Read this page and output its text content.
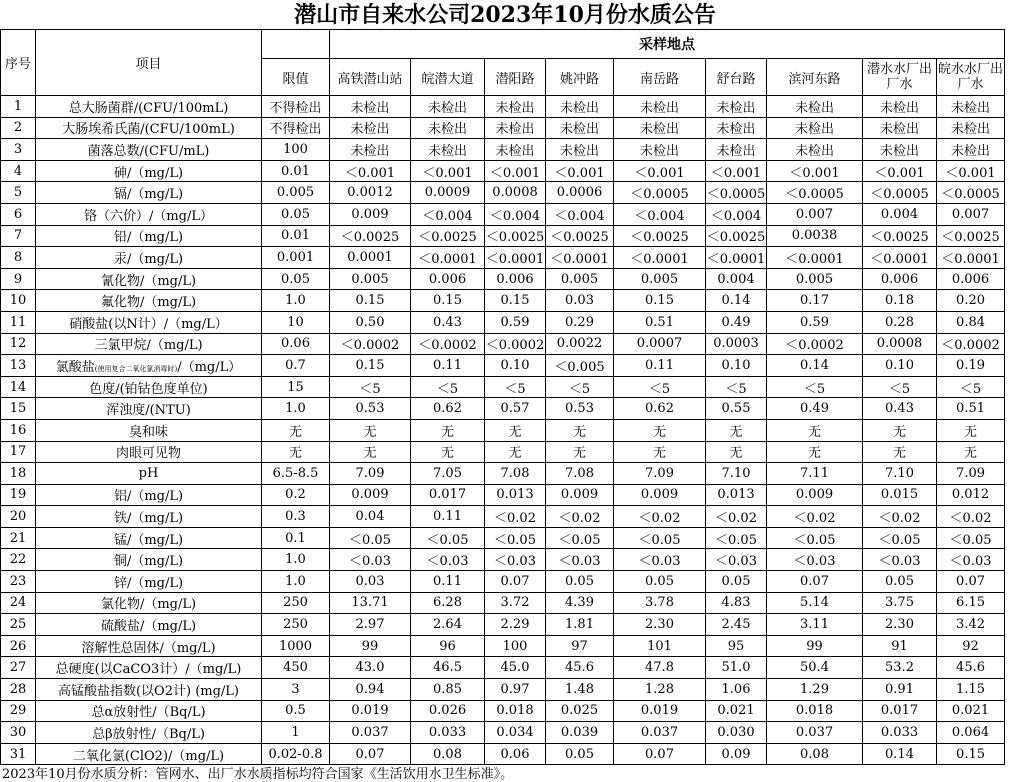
潜山市自来水公司2023年10月份水质公告
序号	项目		采样地点								
		限值	高铁潜山站	皖潜大道	潜阳路	姚冲路	南岳路	舒台路	滨河东路	潜水水厂出厂水	皖水水厂出厂水
1	总大肠菌群/(CFU/100mL)	不得检出	未检出	未检出	未检出	未检出	未检出	未检出	未检出	未检出	未检出
2	大肠埃希氏菌/(CFU/100mL)	不得检出	未检出	未检出	未检出	未检出	未检出	未检出	未检出	未检出	未检出
3	菌落总数/(CFU/mL)	100	未检出	未检出	未检出	未检出	未检出	未检出	未检出	未检出	未检出
4	砷/（mg/L)	0.01	＜0.001	＜0.001	＜0.001	＜0.001	＜0.001	＜0.001	＜0.001	＜0.001	＜0.001
5	镉/（mg/L)	0.005	0.0012	0.0009	0.0008	0.0006	＜0.0005	＜0.0005	＜0.0005	＜0.0005	＜0.0005
6	铬（六价）/（mg/L）	0.05	0.009	＜0.004	＜0.004	＜0.004	＜0.004	＜0.004	0.007	0.004	0.007
7	铅/（mg/L)	0.01	＜0.0025	＜0.0025	＜0.0025	＜0.0025	＜0.0025	＜0.0025	0.0038	＜0.0025	＜0.0025
8	汞/（mg/L)	0.001	0.0001	＜0.0001	＜0.0001	＜0.0001	＜0.0001	＜0.0001	＜0.0001	＜0.0001	＜0.0001
9	氰化物/（mg/L)	0.05	0.005	0.006	0.006	0.005	0.005	0.004	0.005	0.006	0.006
10	氟化物/（mg/L)	1.0	0.15	0.15	0.15	0.03	0.15	0.14	0.17	0.18	0.20
11	硝酸盐(以N计）/（mg/L）	10	0.50	0.43	0.59	0.29	0.51	0.49	0.59	0.28	0.84
12	三氯甲烷/（mg/L)	0.06	＜0.0002	＜0.0002	＜0.0002	0.0022	0.0007	0.0003	＜0.0002	0.0008	＜0.0002
13	氯酸盐(使用复合二氧化氯消毒时)/（mg/L）	0.7	0.15	0.11	0.10	＜0.005	0.11	0.10	0.14	0.10	0.19
14	色度/(铂钴色度单位)	15	＜5	＜5	＜5	＜5	＜5	＜5	＜5	＜5	＜5
15	浑浊度/(NTU)	1.0	0.53	0.62	0.57	0.53	0.62	0.55	0.49	0.43	0.51
16	臭和味	无	无	无	无	无	无	无	无	无	无
17	肉眼可见物	无	无	无	无	无	无	无	无	无	无
18	pH	6.5-8.5	7.09	7.05	7.08	7.08	7.09	7.10	7.11	7.10	7.09
19	铝/（mg/L)	0.2	0.009	0.017	0.013	0.009	0.009	0.013	0.009	0.015	0.012
20	铁/（mg/L)	0.3	0.04	0.11	＜0.02	＜0.02	＜0.02	＜0.02	＜0.02	＜0.02	＜0.02
21	锰/（mg/L)	0.1	＜0.05	＜0.05	＜0.05	＜0.05	＜0.05	＜0.05	＜0.05	＜0.05	＜0.05
22	铜/（mg/L)	1.0	＜0.03	＜0.03	＜0.03	＜0.03	＜0.03	＜0.03	＜0.03	＜0.03	＜0.03
23	锌/（mg/L)	1.0	0.03	0.11	0.07	0.05	0.05	0.05	0.07	0.05	0.07
24	氯化物/（mg/L)	250	13.71	6.28	3.72	4.39	3.78	4.83	5.14	3.75	6.15
25	硫酸盐/（mg/L)	250	2.97	2.64	2.29	1.81	2.30	2.45	3.11	2.30	3.42
26	溶解性总固体/（mg/L)	1000	99	96	100	97	101	95	99	91	92
27	总硬度(以CaCO3计）/（mg/L)	450	43.0	46.5	45.0	45.6	47.8	51.0	50.4	53.2	45.6
28	高锰酸盐指数(以O2计) (mg/L)	3	0.94	0.85	0.97	1.48	1.28	1.06	1.29	0.91	1.15
29	总α放射性/（Bq/L)	0.5	0.019	0.026	0.018	0.025	0.019	0.021	0.018	0.017	0.021
30	总β放射性/（Bq/L)	1	0.037	0.033	0.034	0.039	0.037	0.030	0.037	0.033	0.064
31	二氧化氯(ClO2)/（mg/L)	0.02-0.8	0.07	0.08	0.06	0.05	0.07	0.09	0.08	0.14	0.15
2023年10月份水质分析：管网水、出厂水水质指标均符合国家《生活饮用水卫生标准》。
